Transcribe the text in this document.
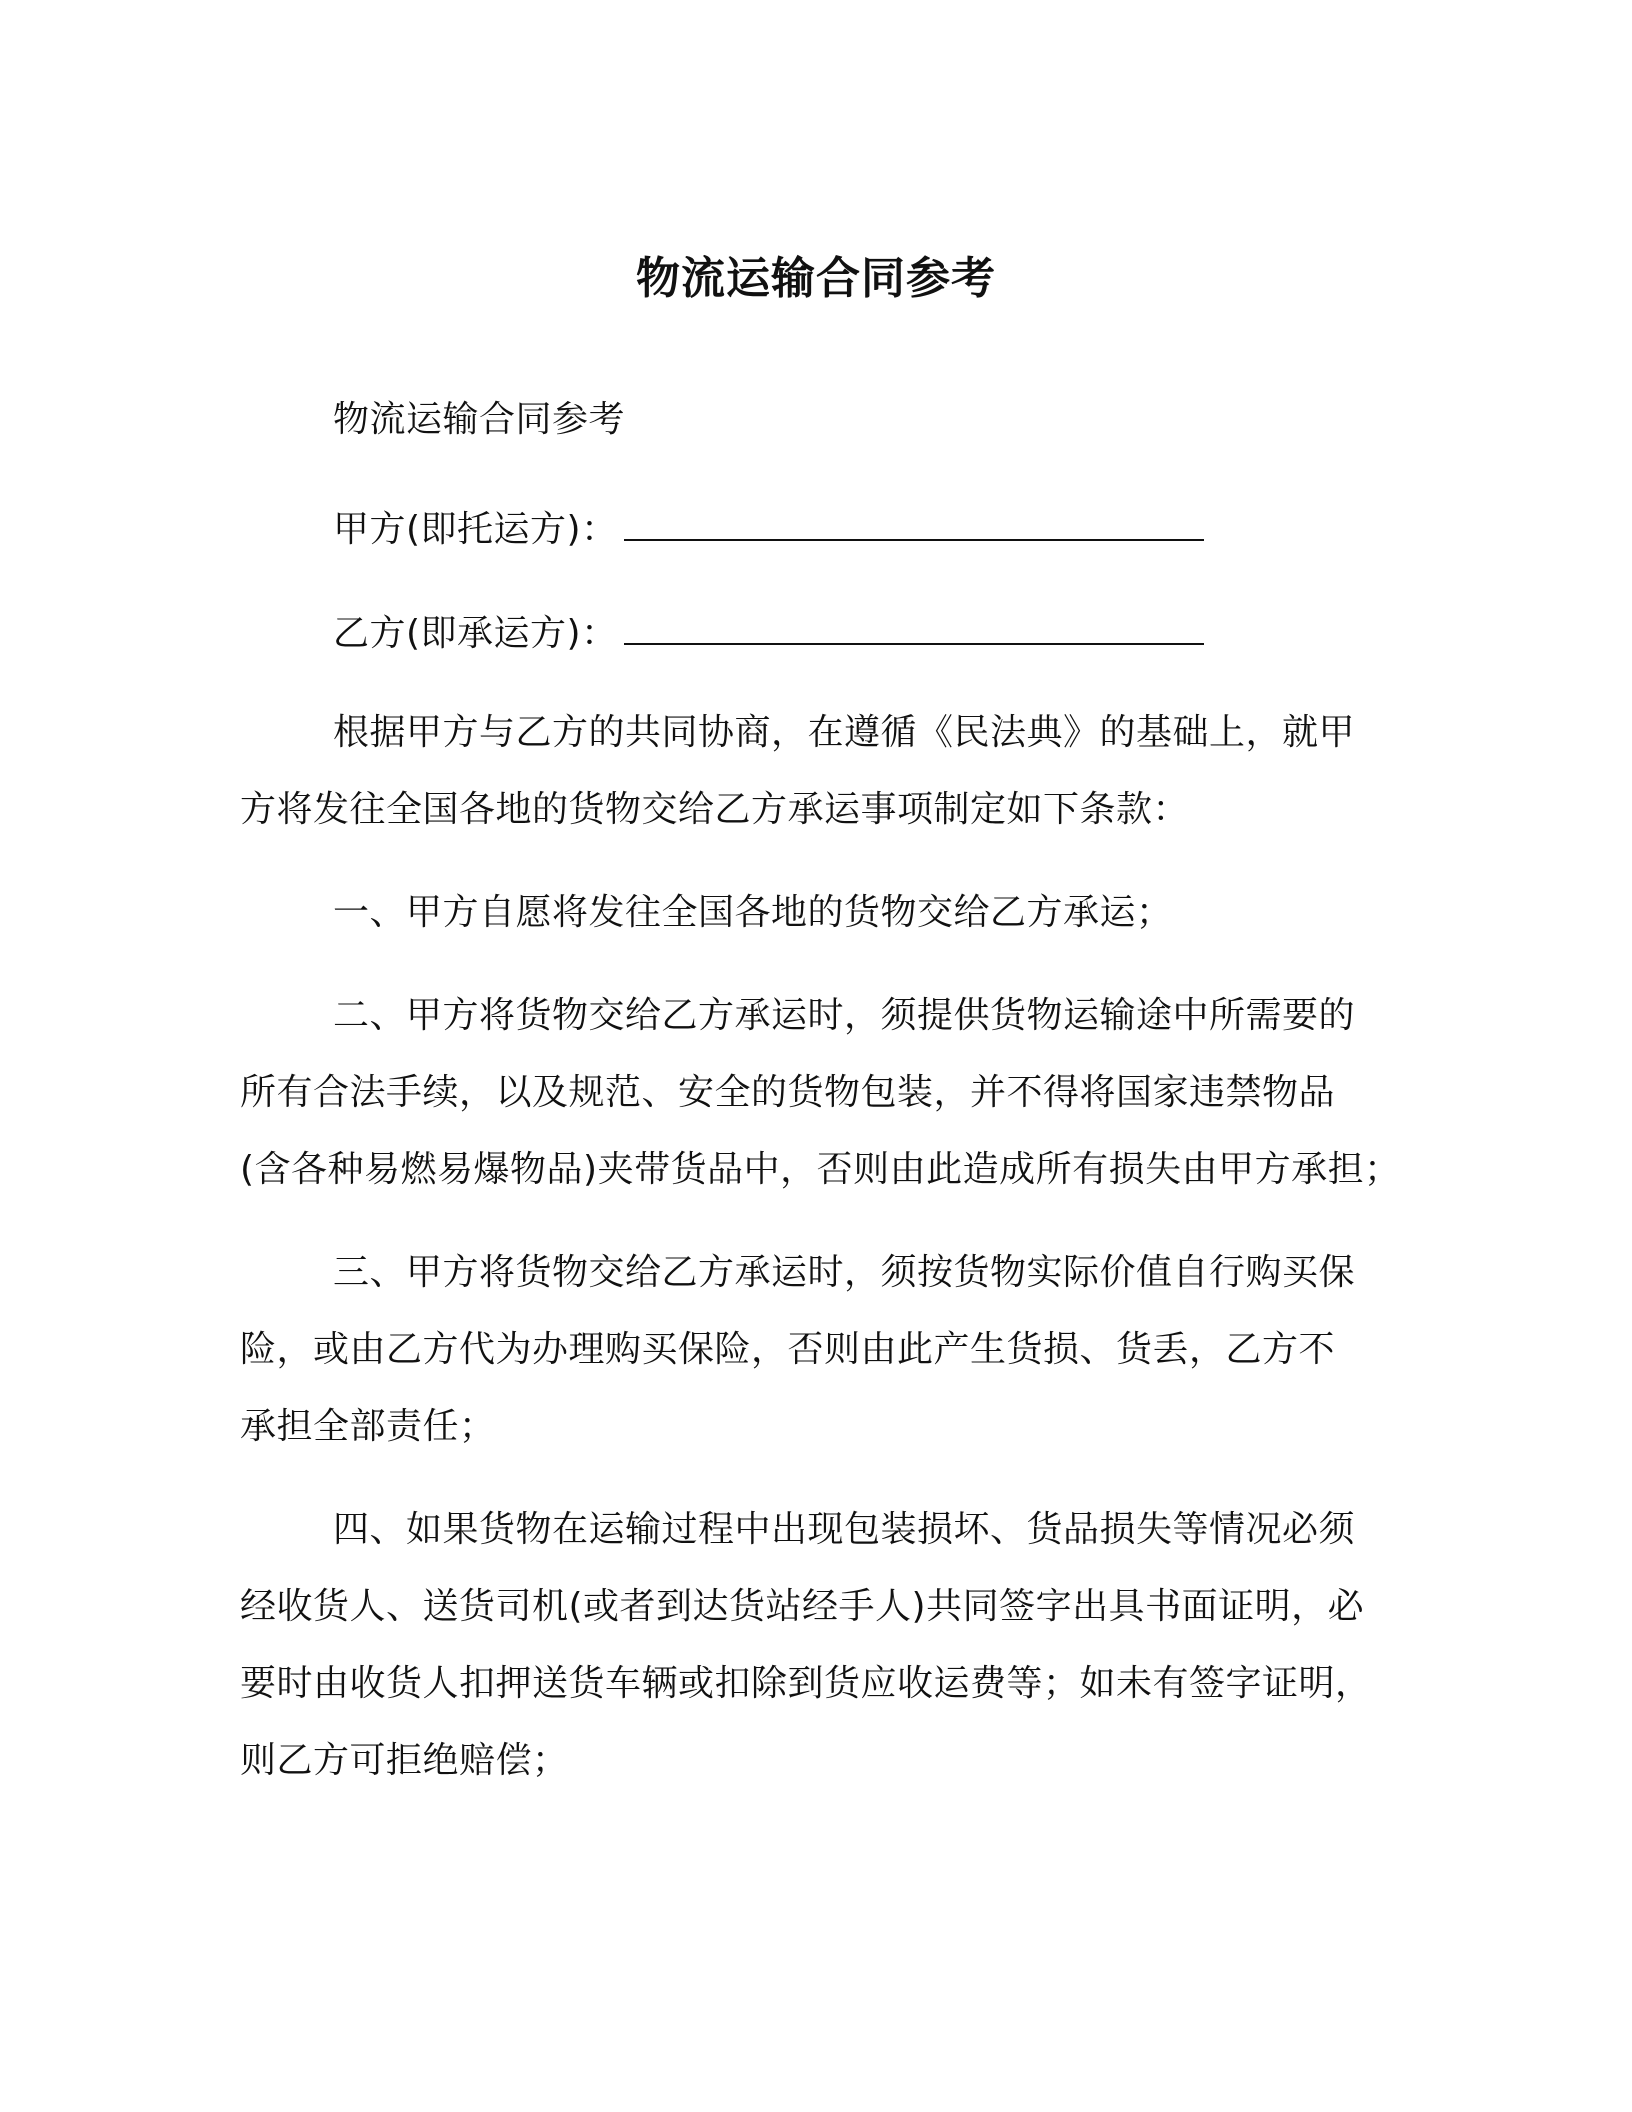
物流运输合同参考

物流运输合同参考

甲方(即托运方)：

乙方(即承运方)：

根据甲方与乙方的共同协商，在遵循《民法典》的基础上，就甲

方将发往全国各地的货物交给乙方承运事项制定如下条款：

一、甲方自愿将发往全国各地的货物交给乙方承运；

二、甲方将货物交给乙方承运时，须提供货物运输途中所需要的

所有合法手续，以及规范、安全的货物包装，并不得将国家违禁物品

(含各种易燃易爆物品)夹带货品中，否则由此造成所有损失由甲方承担；

三、甲方将货物交给乙方承运时，须按货物实际价值自行购买保

险，或由乙方代为办理购买保险，否则由此产生货损、货丢，乙方不

承担全部责任；

四、如果货物在运输过程中出现包装损坏、货品损失等情况必须

经收货人、送货司机(或者到达货站经手人)共同签字出具书面证明，必

要时由收货人扣押送货车辆或扣除到货应收运费等；如未有签字证明，

则乙方可拒绝赔偿；
